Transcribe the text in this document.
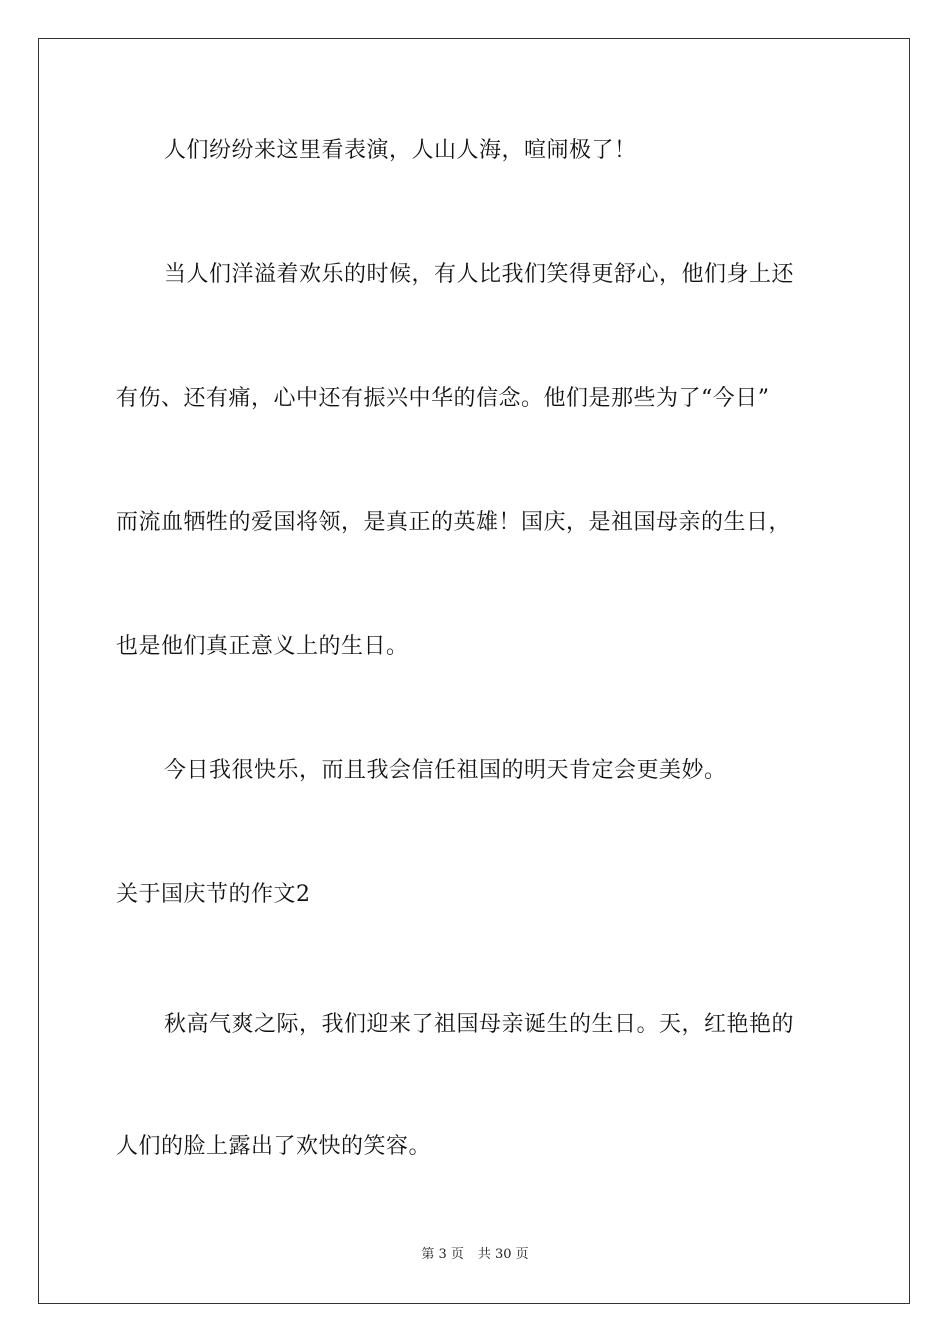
人们纷纷来这里看表演，人山人海，喧闹极了！
当人们洋溢着欢乐的时候，有人比我们笑得更舒心，他们身上还
有伤、还有痛，心中还有振兴中华的信念。他们是那些为了“今日”
而流血牺牲的爱国将领，是真正的英雄！国庆，是祖国母亲的生日，
也是他们真正意义上的生日。
今日我很快乐，而且我会信任祖国的明天肯定会更美妙。
关于国庆节的作文2
秋高气爽之际，我们迎来了祖国母亲诞生的生日。天，红艳艳的
人们的脸上露出了欢快的笑容。
第 3 页 共 30 页
